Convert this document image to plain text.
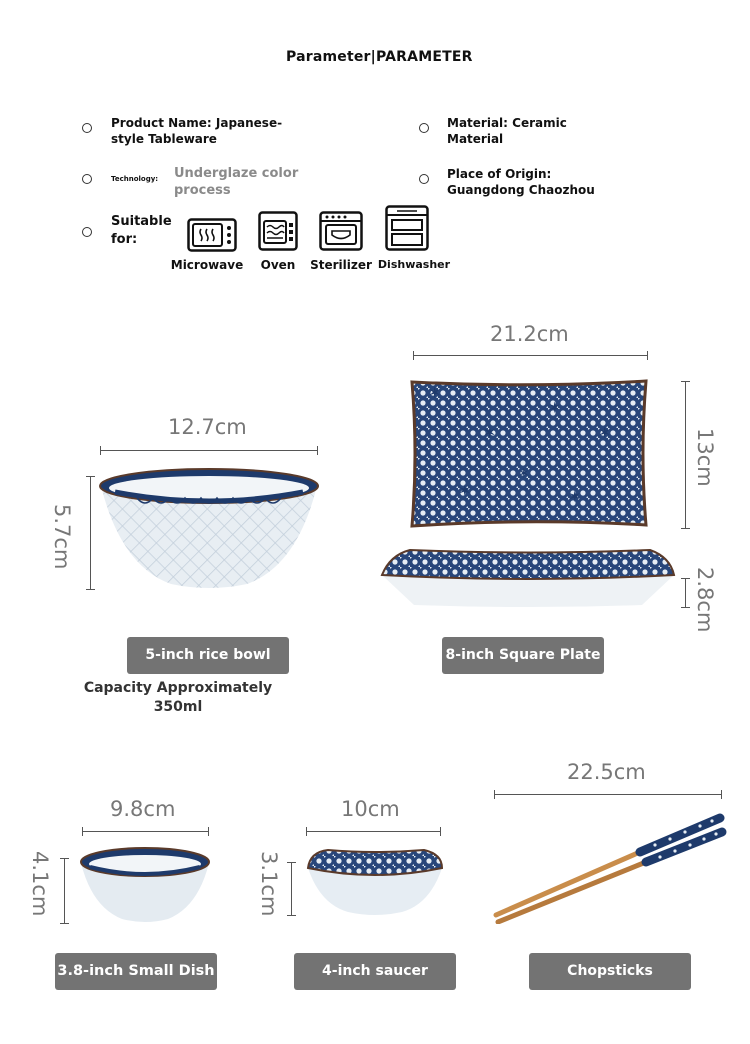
Parameter|PARAMETER
Product Name: Japanese-style Tableware
Material: Ceramic Material
Technology: Underglaze color process
Place of Origin: Guangdong Chaozhou
Suitable for:
Microwave	Oven	Sterilizer Dishwasher
12.7cm
5.7cm
5-inch rice bowl
Capacity Approximately 350ml
21.2cm
13cm
2.8cm
✶
✶
✶
✶
✶	✶
✶
8-inch Square Plate
9.8cm
4.1cm
3.8-inch Small Dish
10cm
3.1cm
4-inch saucer
22.5cm
Chopsticks
